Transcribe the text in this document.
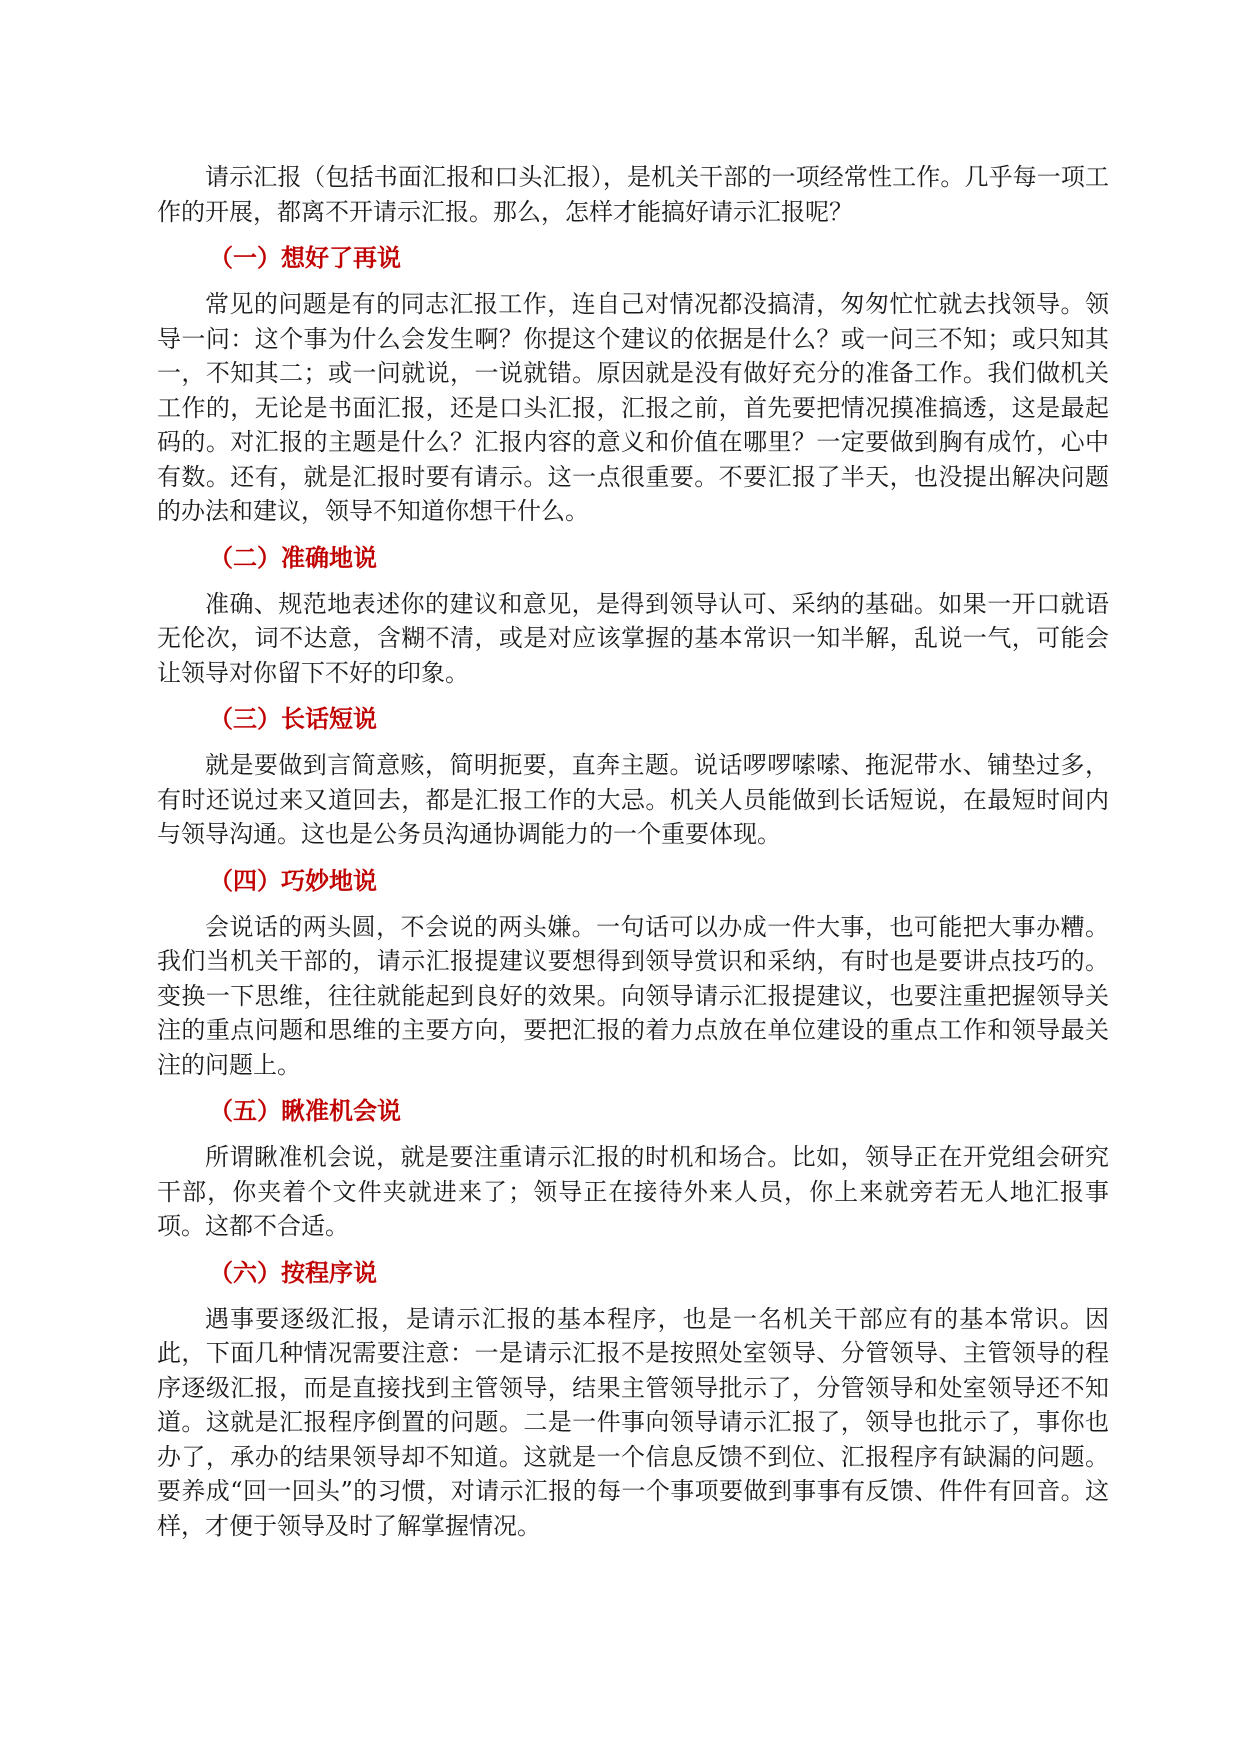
请示汇报（包括书面汇报和口头汇报），是机关干部的一项经常性工作。几乎每一项工作的开展，都离不开请示汇报。那么，怎样才能搞好请示汇报呢？

（一）想好了再说

常见的问题是有的同志汇报工作，连自己对情况都没搞清，匆匆忙忙就去找领导。领导一问：这个事为什么会发生啊？你提这个建议的依据是什么？或一问三不知；或只知其一，不知其二；或一问就说，一说就错。原因就是没有做好充分的准备工作。我们做机关工作的，无论是书面汇报，还是口头汇报，汇报之前，首先要把情况摸准搞透，这是最起码的。对汇报的主题是什么？汇报内容的意义和价值在哪里？一定要做到胸有成竹，心中有数。还有，就是汇报时要有请示。这一点很重要。不要汇报了半天，也没提出解决问题的办法和建议，领导不知道你想干什么。

（二）准确地说

准确、规范地表述你的建议和意见，是得到领导认可、采纳的基础。如果一开口就语无伦次，词不达意，含糊不清，或是对应该掌握的基本常识一知半解，乱说一气，可能会让领导对你留下不好的印象。

（三）长话短说

就是要做到言简意赅，简明扼要，直奔主题。说话啰啰嗦嗦、拖泥带水、铺垫过多，有时还说过来又道回去，都是汇报工作的大忌。机关人员能做到长话短说，在最短时间内与领导沟通。这也是公务员沟通协调能力的一个重要体现。

（四）巧妙地说

会说话的两头圆，不会说的两头嫌。一句话可以办成一件大事，也可能把大事办糟。我们当机关干部的，请示汇报提建议要想得到领导赏识和采纳，有时也是要讲点技巧的。变换一下思维，往往就能起到良好的效果。向领导请示汇报提建议，也要注重把握领导关注的重点问题和思维的主要方向，要把汇报的着力点放在单位建设的重点工作和领导最关注的问题上。

（五）瞅准机会说

所谓瞅准机会说，就是要注重请示汇报的时机和场合。比如，领导正在开党组会研究干部，你夹着个文件夹就进来了；领导正在接待外来人员，你上来就旁若无人地汇报事项。这都不合适。

（六）按程序说

遇事要逐级汇报，是请示汇报的基本程序，也是一名机关干部应有的基本常识。因此，下面几种情况需要注意：一是请示汇报不是按照处室领导、分管领导、主管领导的程序逐级汇报，而是直接找到主管领导，结果主管领导批示了，分管领导和处室领导还不知道。这就是汇报程序倒置的问题。二是一件事向领导请示汇报了，领导也批示了，事你也办了，承办的结果领导却不知道。这就是一个信息反馈不到位、汇报程序有缺漏的问题。要养成“回一回头”的习惯，对请示汇报的每一个事项要做到事事有反馈、件件有回音。这样，才便于领导及时了解掌握情况。
